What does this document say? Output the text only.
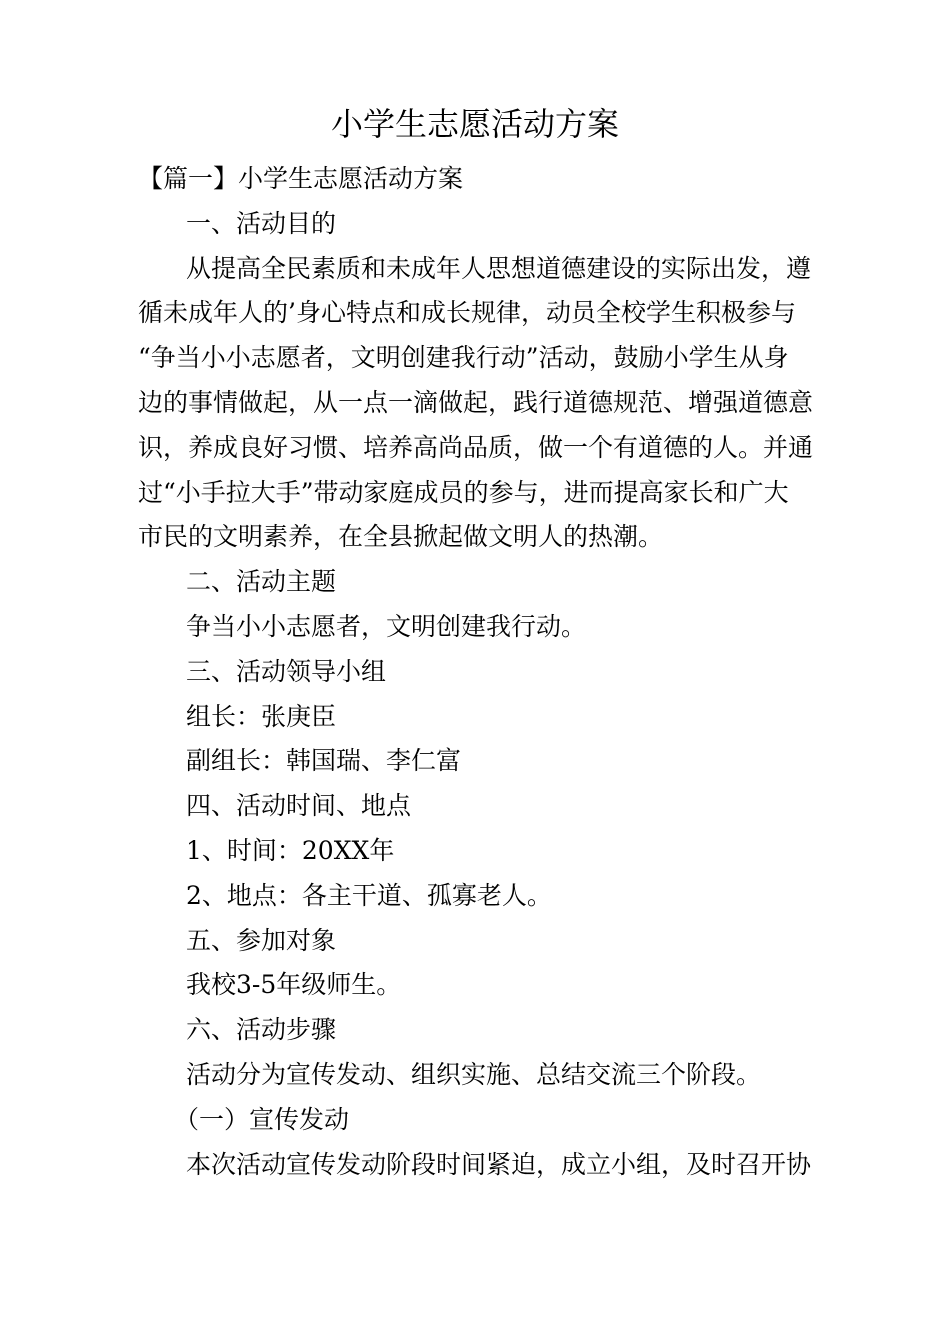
小学生志愿活动方案
【篇一】小学生志愿活动方案
一、活动目的
从提高全民素质和未成年人思想道德建设的实际出发，遵
循未成年人的’身心特点和成长规律，动员全校学生积极参与
“争当小小志愿者，文明创建我行动”活动，鼓励小学生从身
边的事情做起，从一点一滴做起，践行道德规范、增强道德意
识，养成良好习惯、培养高尚品质，做一个有道德的人。并通
过“小手拉大手”带动家庭成员的参与，进而提高家长和广大
市民的文明素养，在全县掀起做文明人的热潮。
二、活动主题
争当小小志愿者，文明创建我行动。
三、活动领导小组
组长：张庚臣
副组长：韩国瑞、李仁富
四、活动时间、地点
1、时间：20XX年
2、地点：各主干道、孤寡老人。
五、参加对象
我校3-5年级师生。
六、活动步骤
活动分为宣传发动、组织实施、总结交流三个阶段。
（一）宣传发动
本次活动宣传发动阶段时间紧迫，成立小组，及时召开协
